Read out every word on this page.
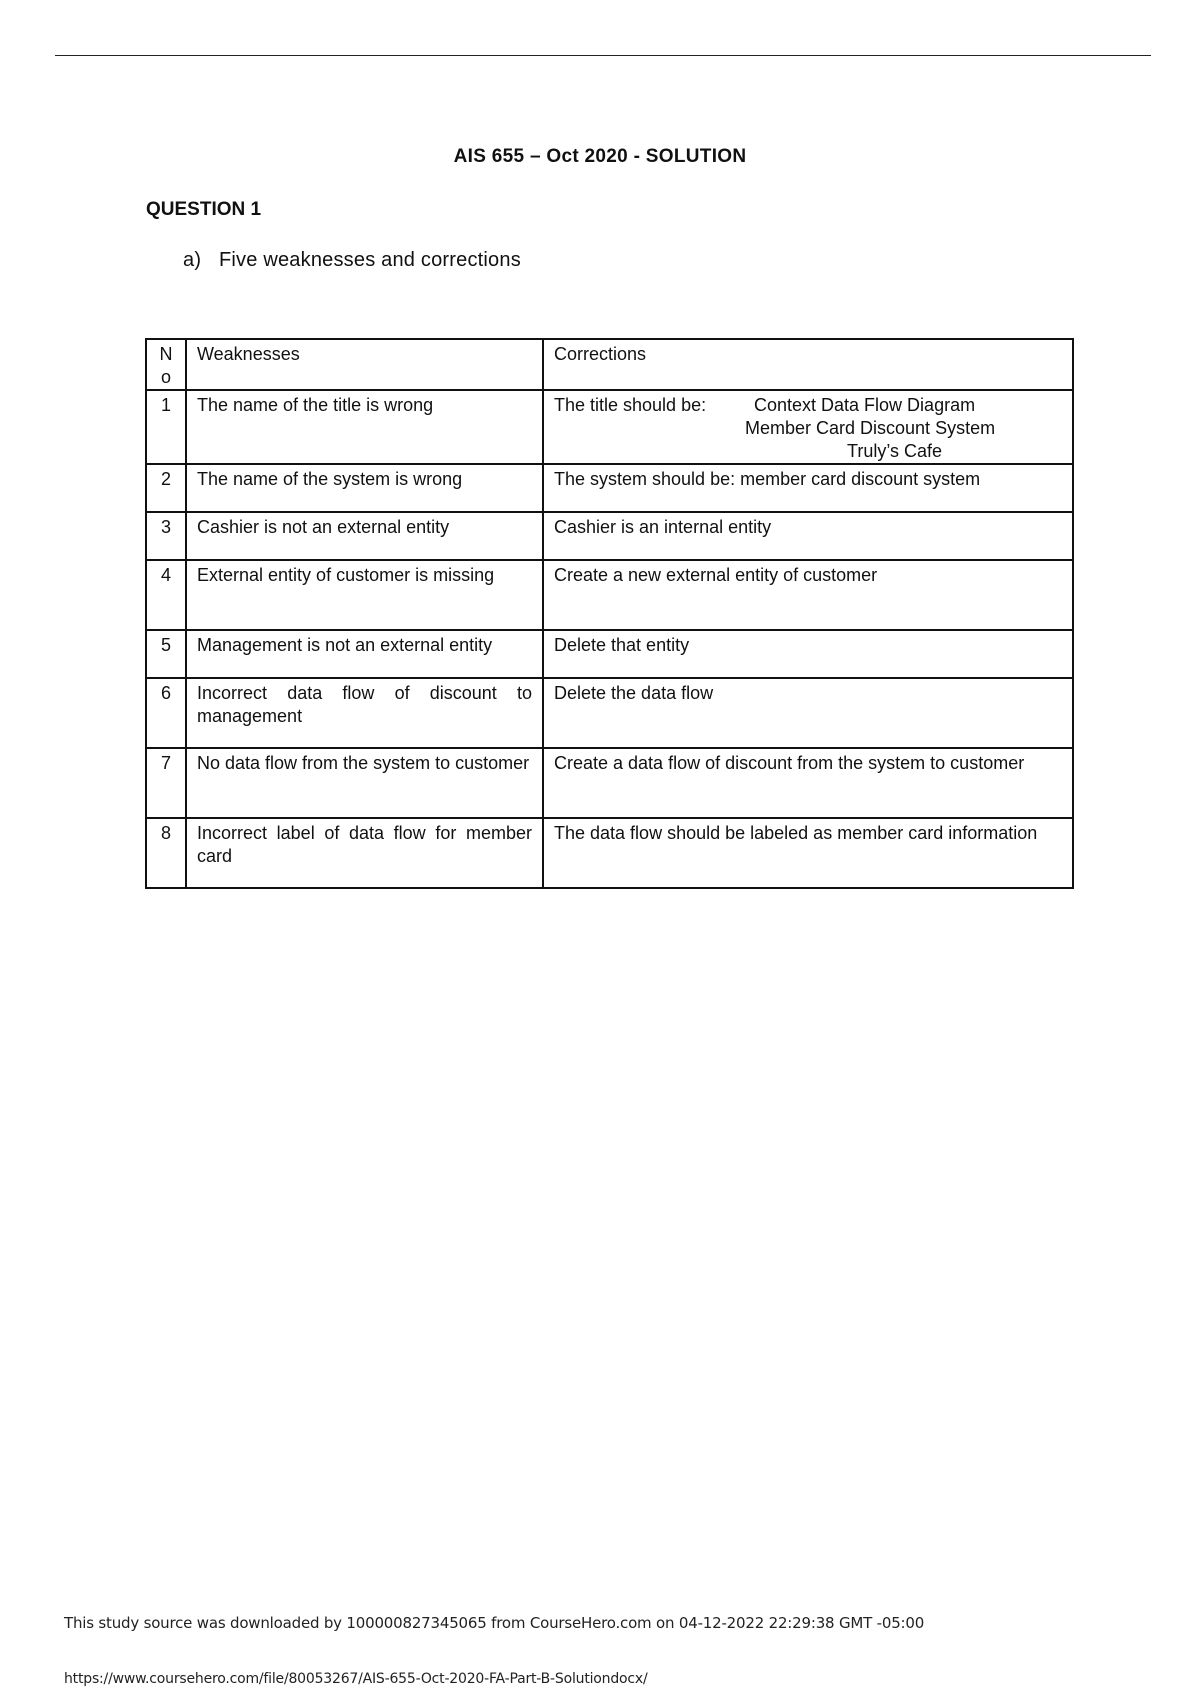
AIS 655 – Oct 2020 - SOLUTION
QUESTION 1
a) Five weaknesses and corrections
No	Weaknesses	Corrections
1	The name of the title is wrong	The title should be: Context Data Flow Diagram
Member Card Discount System
Truly’s Cafe

2	The name of the system is wrong	The system should be: member card discount system
3	Cashier is not an external entity	Cashier is an internal entity
4	External entity of customer is missing	Create a new external entity of customer
5	Management is not an external entity	Delete that entity
6	Incorrect data flow of discount to management	Delete the data flow
7	No data flow from the system to customer	Create a data flow of discount from the system to customer
8	Incorrect label of data flow for member card	The data flow should be labeled as member card information
This study source was downloaded by 100000827345065 from CourseHero.com on 04-12-2022 22:29:38 GMT -05:00
https://www.coursehero.com/file/80053267/AIS-655-Oct-2020-FA-Part-B-Solutiondocx/
